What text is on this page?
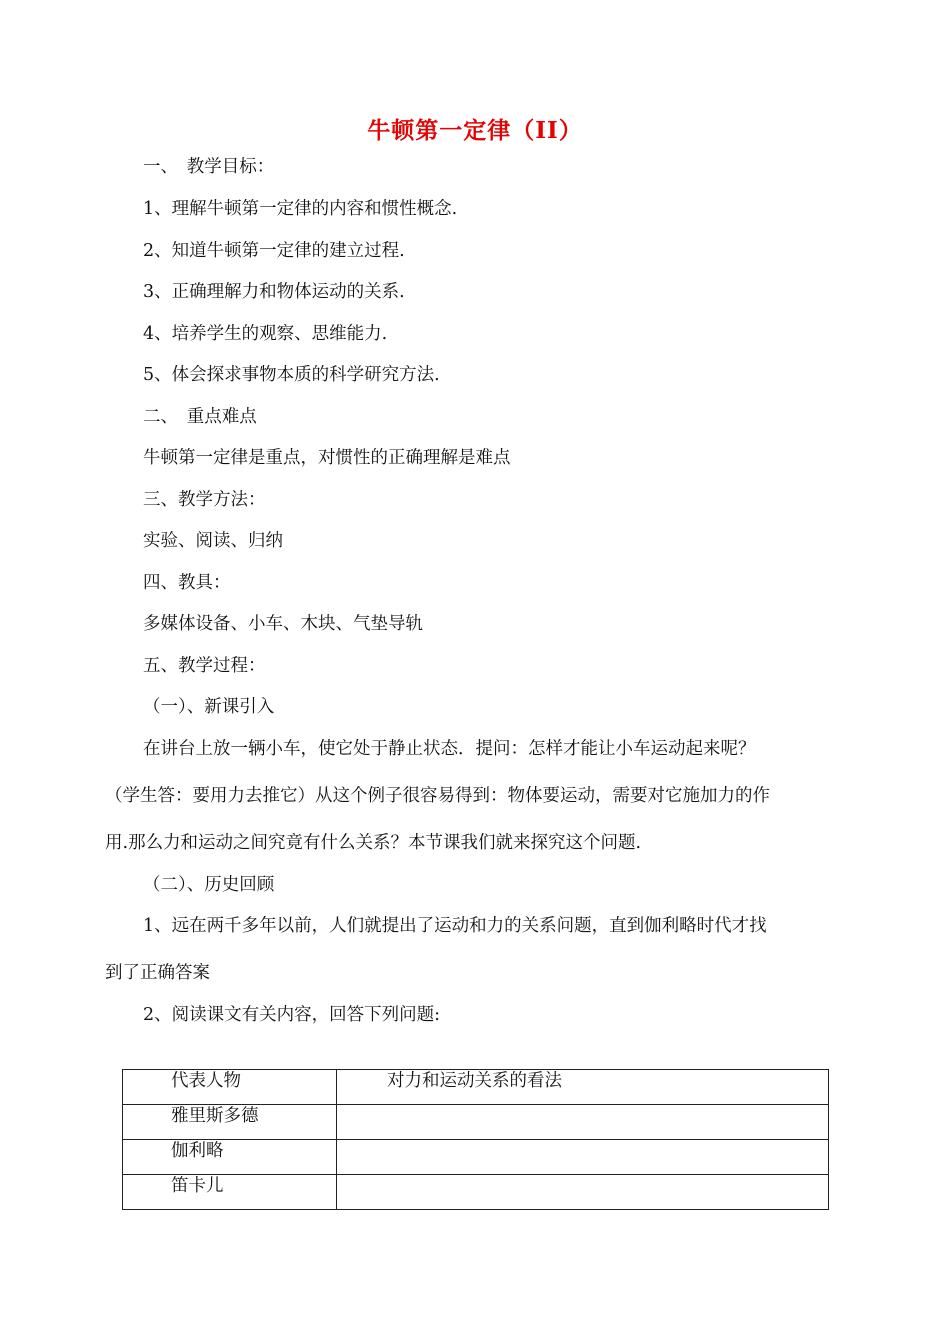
牛顿第一定律（II）
一、　教学目标：
1、理解牛顿第一定律的内容和惯性概念.
2、知道牛顿第一定律的建立过程.
3、正确理解力和物体运动的关系.
4、培养学生的观察、思维能力.
5、体会探求事物本质的科学研究方法.
二、　重点难点
牛顿第一定律是重点，对惯性的正确理解是难点
三、教学方法：
实验、阅读、归纳
四、教具：
多媒体设备、小车、木块、气垫导轨
五、教学过程：
（一）、新课引入
在讲台上放一辆小车，使它处于静止状态．提问：怎样才能让小车运动起来呢？
（学生答：要用力去推它）从这个例子很容易得到：物体要运动，需要对它施加力的作
用.那么力和运动之间究竟有什么关系？本节课我们就来探究这个问题.
（二）、历史回顾
1、远在两千多年以前，人们就提出了运动和力的关系问题，直到伽利略时代才找
到了正确答案
2、阅读课文有关内容，回答下列问题:
代表人物	对力和运动关系的看法
雅里斯多德	
伽利略	
笛卡儿	
